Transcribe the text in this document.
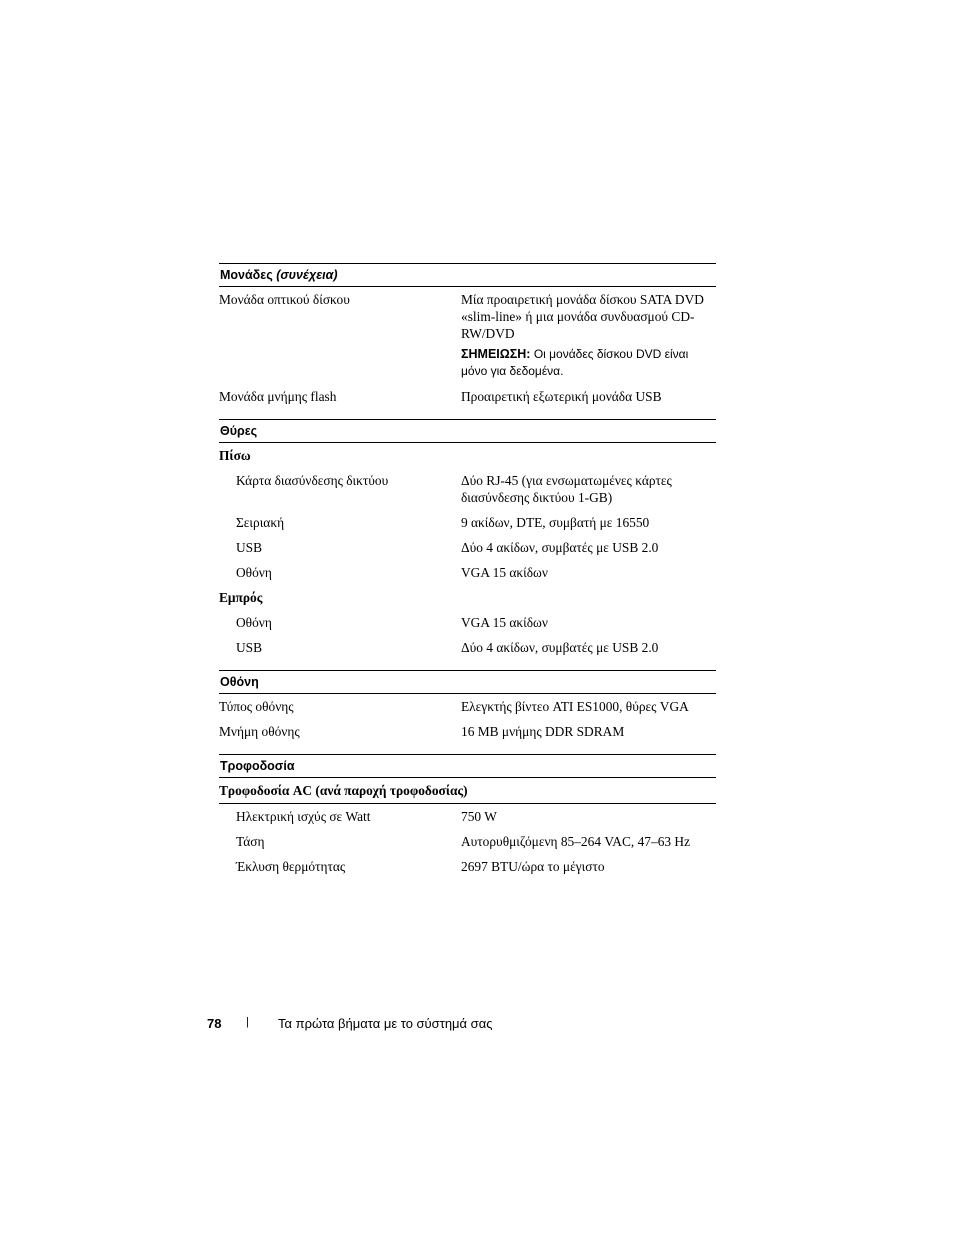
Μονάδες (συνέχεια)
Μονάδα οπτικού δίσκου	Μία προαιρετική μονάδα δίσκου SATA DVD «slim-line» ή μια μονάδα συνδυασμού CD-RW/DVD
ΣΗΜΕΙΩΣΗ: Οι μονάδες δίσκου DVD είναι μόνο για δεδομένα.
Μονάδα μνήμης flash	Προαιρετική εξωτερική μονάδα USB
Θύρες
Πίσω
Κάρτα διασύνδεσης δικτύου	Δύο RJ-45 (για ενσωματωμένες κάρτες διασύνδεσης δικτύου 1-GB)
Σειριακή	9 ακίδων, DTE, συμβατή με 16550
USB	Δύο 4 ακίδων, συμβατές με USB 2.0
Οθόνη	VGA 15 ακίδων
Εμπρός
Οθόνη	VGA 15 ακίδων
USB	Δύο 4 ακίδων, συμβατές με USB 2.0
Οθόνη
Τύπος οθόνης	Ελεγκτής βίντεο ATI ES1000, θύρες VGA
Μνήμη οθόνης	16 MB μνήμης DDR SDRAM
Τροφοδοσία
Τροφοδοσία AC (ανά παροχή τροφοδοσίας)
Ηλεκτρική ισχύς σε Watt	750 W
Τάση	Αυτορυθμιζόμενη 85–264 VAC, 47–63 Hz
Έκλυση θερμότητας	2697 BTU/ώρα το μέγιστο
78 | Τα πρώτα βήματα με το σύστημά σας
